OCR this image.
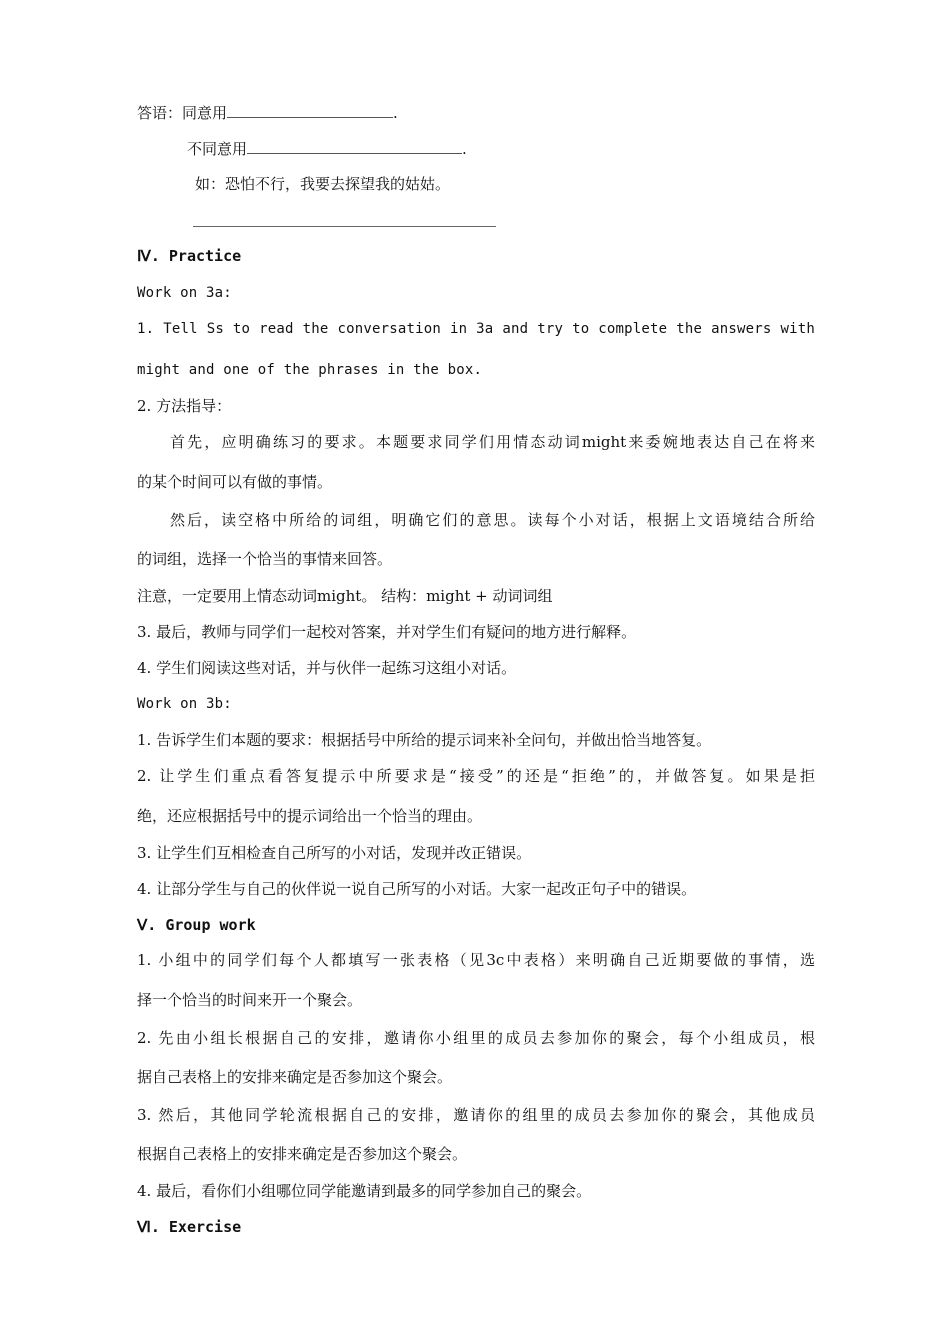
答语：同意用	.
不同意用	.
如：恐怕不行，我要去探望我的姑姑。
Ⅳ. Practice
Work on 3a:
1. Tell Ss to read the conversation in 3a and try to complete the answers with
might and one of the phrases in the box.
2. 方法指导：
首先，应明确练习的要求。本题要求同学们用情态动词might来委婉地表达自己在将来
的某个时间可以有做的事情。
然后，读空格中所给的词组，明确它们的意思。读每个小对话，根据上文语境结合所给
的词组，选择一个恰当的事情来回答。
注意，一定要用上情态动词might。 结构：might + 动词词组
3. 最后，教师与同学们一起校对答案，并对学生们有疑问的地方进行解释。
4. 学生们阅读这些对话，并与伙伴一起练习这组小对话。
Work on 3b:
1. 告诉学生们本题的要求：根据括号中所给的提示词来补全问句，并做出恰当地答复。
2. 让学生们重点看答复提示中所要求是“接受”的还是“拒绝”的，并做答复。如果是拒
绝，还应根据括号中的提示词给出一个恰当的理由。
3. 让学生们互相检查自己所写的小对话，发现并改正错误。
4. 让部分学生与自己的伙伴说一说自己所写的小对话。大家一起改正句子中的错误。
Ⅴ. Group work
1. 小组中的同学们每个人都填写一张表格（见3c中表格）来明确自己近期要做的事情，选
择一个恰当的时间来开一个聚会。
2. 先由小组长根据自己的安排，邀请你小组里的成员去参加你的聚会，每个小组成员，根
据自己表格上的安排来确定是否参加这个聚会。
3. 然后，其他同学轮流根据自己的安排，邀请你的组里的成员去参加你的聚会，其他成员
根据自己表格上的安排来确定是否参加这个聚会。
4. 最后，看你们小组哪位同学能邀请到最多的同学参加自己的聚会。
Ⅵ. Exercise
